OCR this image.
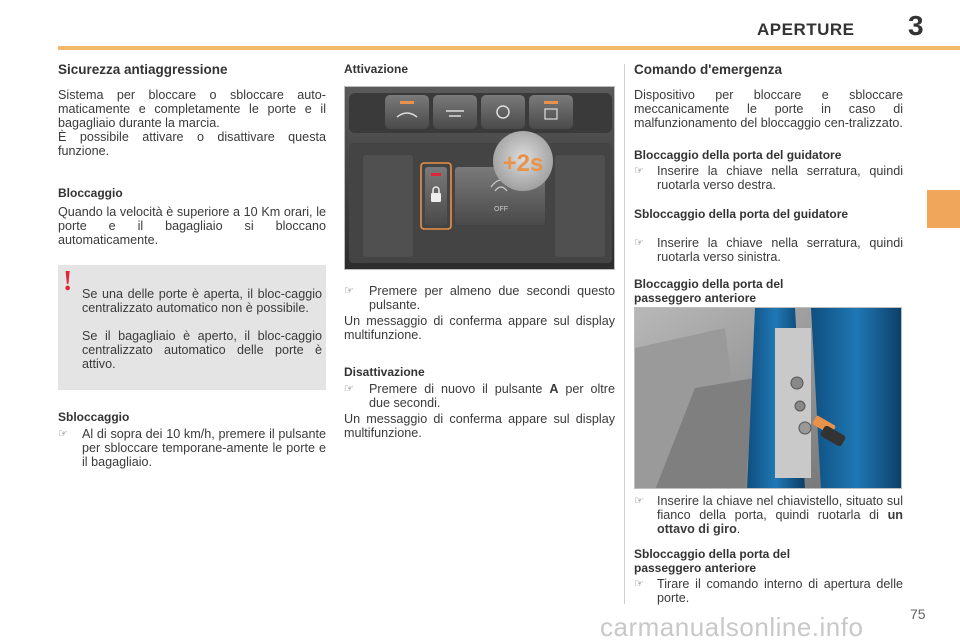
APERTURE 3
Sicurezza antiaggressione
Sistema per bloccare o sbloccare auto-maticamente e completamente le porte e il bagagliaio durante la marcia.
È possibile attivare o disattivare questa funzione.
Bloccaggio
Quando la velocità è superiore a 10 Km orari, le porte e il bagagliaio si bloccano automaticamente.
! Se una delle porte è aperta, il bloc-caggio centralizzato automatico non è possibile.
Se il bagagliaio è aperto, il bloc-caggio centralizzato automatico delle porte è attivo.
Sbloccaggio
☞ Al di sopra dei 10 km/h, premere il pulsante per sbloccare temporane-amente le porte e il bagagliaio.
Attivazione
+2s
OFF
☞ Premere per almeno due secondi questo pulsante.
Un messaggio di conferma appare sul display multifunzione.
Disattivazione
☞ Premere di nuovo il pulsante A per oltre due secondi.
Un messaggio di conferma appare sul display multifunzione.
Comando d'emergenza
Dispositivo per bloccare e sbloccare meccanicamente le porte in caso di malfunzionamento del bloccaggio cen-tralizzato.
Bloccaggio della porta del guidatore
☞ Inserire la chiave nella serratura, quindi ruotarla verso destra.
Sbloccaggio della porta del guidatore
☞ Inserire la chiave nella serratura, quindi ruotarla verso sinistra.
Bloccaggio della porta del passeggero anteriore
☞ Inserire la chiave nel chiavistello, situato sul fianco della porta, quindi ruotarla di un ottavo di giro.
Sbloccaggio della porta del passeggero anteriore
☞ Tirare il comando interno di apertura delle porte.
75
carmanualsonline.info
